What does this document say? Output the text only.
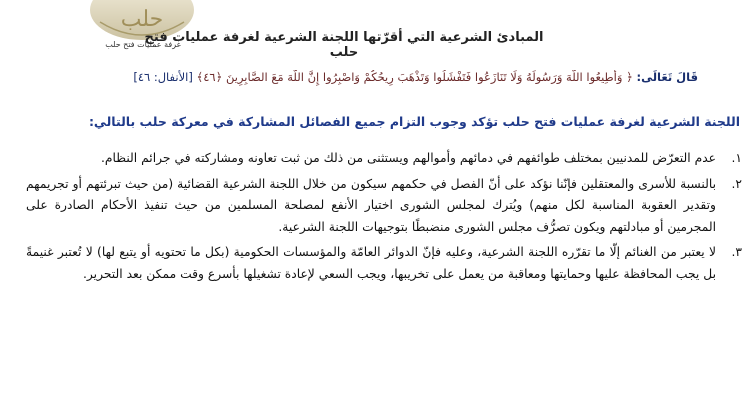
حلب
غرفة عمليات فتح حلب
المبادئ الشرعية التي أقرّتها اللجنة الشرعية لغرفة عمليات فتح حلب
قَالَ تَعَالَى: ﴿ وَأَطِيعُوا اللَّهَ وَرَسُولَهُ وَلَا تَنَازَعُوا فَتَفْشَلُوا وَتَذْهَبَ رِيحُكُمْ وَاصْبِرُوا إِنَّ اللَّهَ مَعَ الصَّابِرِينَ ﴿٤٦﴾ [الأنفال: ٤٦]
اللجنة الشرعية لغرفة عمليات فتح حلب تؤكد وجوب التزام جميع الفصائل المشاركة في معركة حلب بالتالي:
١.
عدم التعرّض للمدنيين بمختلف طوائفهم في دمائهم وأموالهم ويستثنى من ذلك من ثبت تعاونه ومشاركته في جرائم النظام.
٢.
بالنسبة للأسرى والمعتقلين فإنّنا نؤكد على أنّ الفصل في حكمهم سيكون من خلال اللجنة الشرعية القضائية (من حيث تبرئتهم أو تجريمهم وتقدير العقوبة المناسبة لكل منهم) ويُترك لمجلس الشورى اختيار الأنفع لمصلحة المسلمين من حيث تنفيذ الأحكام الصادرة على المجرمين أو مبادلتهم ويكون تصرُّف مجلس الشورى منضبطًا بتوجيهات اللجنة الشرعية.
٣.
لا يعتبر من الغنائم إلّا ما تقرّره اللجنة الشرعية، وعليه فإنّ الدوائر العامّة والمؤسسات الحكومية (بكل ما تحتويه أو يتبع لها) لا تُعتبر غنيمةً بل يجب المحافظة عليها وحمايتها ومعاقبة من يعمل على تخريبها، ويجب السعي لإعادة تشغيلها بأسرع وقت ممكن بعد التحرير.
